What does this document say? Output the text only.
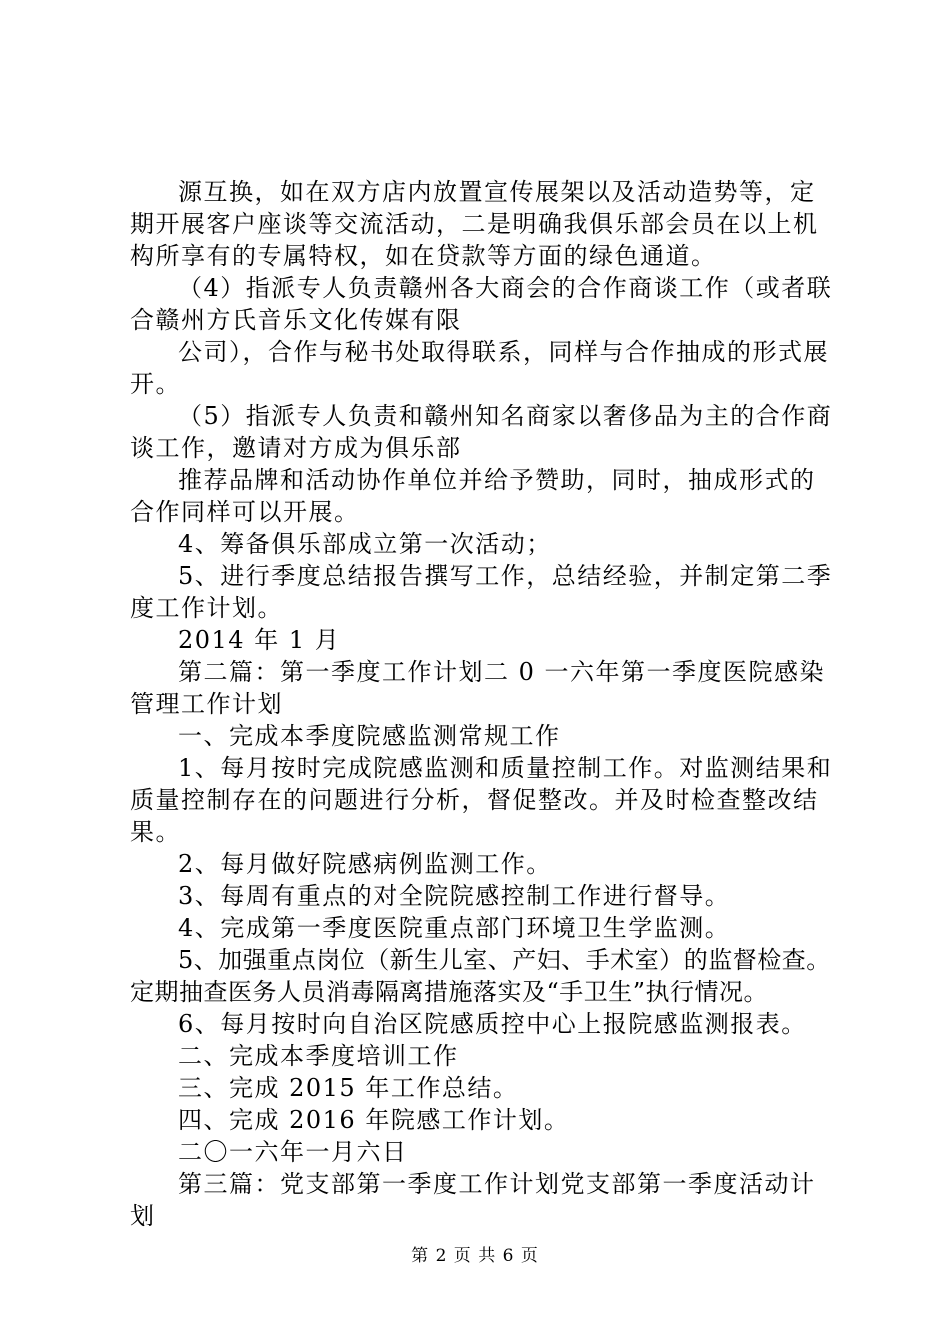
源互换，如在双方店内放置宣传展架以及活动造势等，定期开展客户座谈等交流活动，二是明确我俱乐部会员在以上机构所享有的专属特权，如在贷款等方面的绿色通道。

（4）指派专人负责赣州各大商会的合作商谈工作（或者联合赣州方氏音乐文化传媒有限

公司），合作与秘书处取得联系，同样与合作抽成的形式展开。

（5）指派专人负责和赣州知名商家以奢侈品为主的合作商谈工作，邀请对方成为俱乐部

推荐品牌和活动协作单位并给予赞助，同时，抽成形式的合作同样可以开展。

4、筹备俱乐部成立第一次活动；

5、进行季度总结报告撰写工作，总结经验，并制定第二季度工作计划。

2014 年 1 月

第二篇：第一季度工作计划二 0 一六年第一季度医院感染管理工作计划

一、完成本季度院感监测常规工作

1、每月按时完成院感监测和质量控制工作。对监测结果和质量控制存在的问题进行分析，督促整改。并及时检查整改结果。

2、每月做好院感病例监测工作。

3、每周有重点的对全院院感控制工作进行督导。

4、完成第一季度医院重点部门环境卫生学监测。

5、加强重点岗位（新生儿室、产妇、手术室）的监督检查。定期抽查医务人员消毒隔离措施落实及“手卫生”执行情况。

6、每月按时向自治区院感质控中心上报院感监测报表。

二、完成本季度培训工作

三、完成 2015 年工作总结。

四、完成 2016 年院感工作计划。

二〇一六年一月六日

第三篇：党支部第一季度工作计划党支部第一季度活动计划

第 2 页 共 6 页
